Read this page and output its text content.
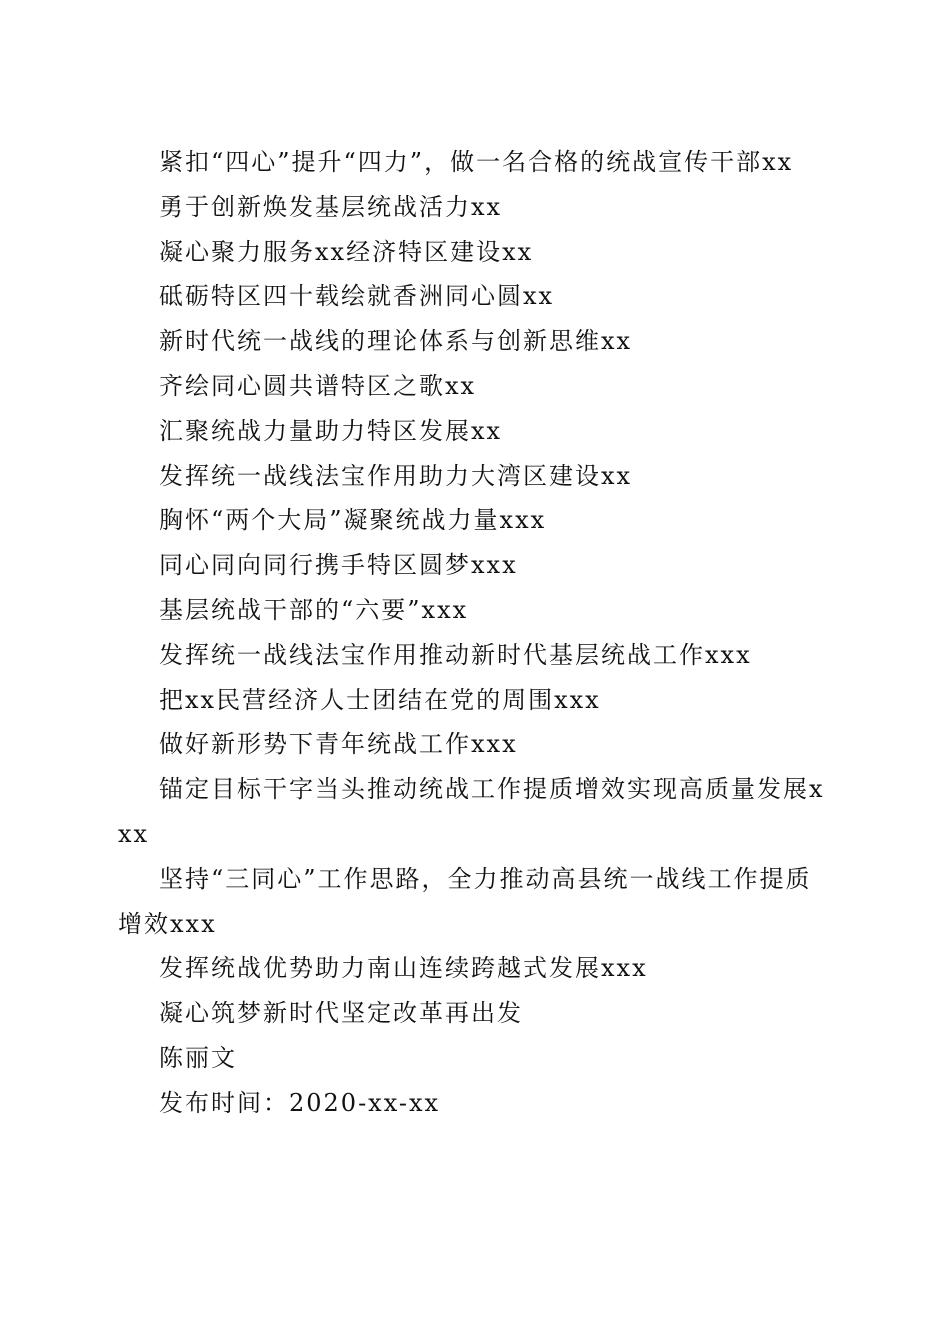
紧扣“四心”提升“四力”，做一名合格的统战宣传干部xx

勇于创新焕发基层统战活力xx

凝心聚力服务xx经济特区建设xx

砥砺特区四十载绘就香洲同心圆xx

新时代统一战线的理论体系与创新思维xx

齐绘同心圆共谱特区之歌xx

汇聚统战力量助力特区发展xx

发挥统一战线法宝作用助力大湾区建设xx

胸怀“两个大局”凝聚统战力量xxx

同心同向同行携手特区圆梦xxx

基层统战干部的“六要”xxx

发挥统一战线法宝作用推动新时代基层统战工作xxx

把xx民营经济人士团结在党的周围xxx

做好新形势下青年统战工作xxx

锚定目标干字当头推动统战工作提质增效实现高质量发展xxx

坚持“三同心”工作思路，全力推动高县统一战线工作提质增效xxx

发挥统战优势助力南山连续跨越式发展xxx

凝心筑梦新时代坚定改革再出发

陈丽文

发布时间：2020-xx-xx
